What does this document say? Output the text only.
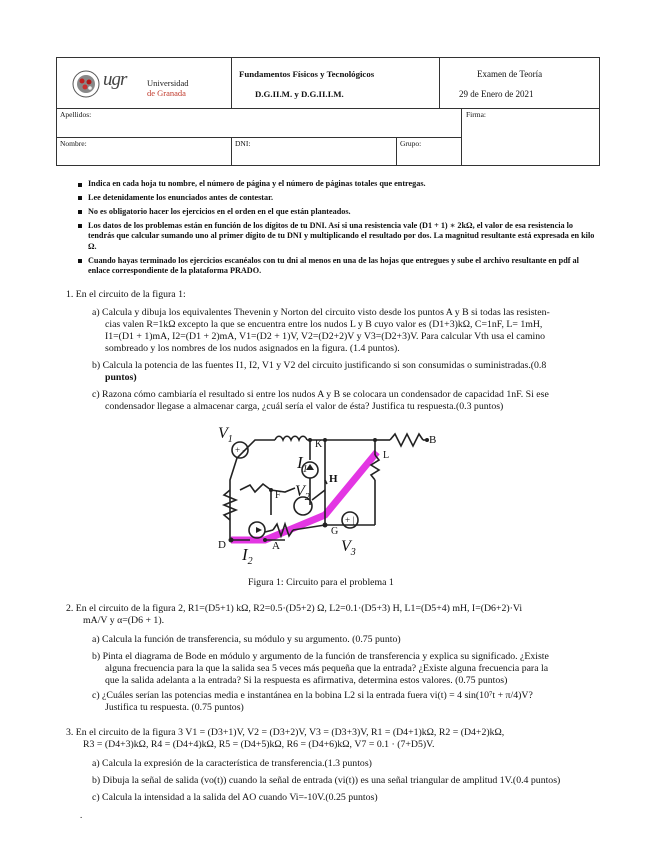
ugr Universidad
de Granada
Fundamentos Físicos y Tecnológicos
D.G.II.M. y D.G.II.I.M.
Examen de Teoría
29 de Enero de 2021
Apellidos:	Firma:
Nombre:	DNI:	Grupo:
Indica en cada hoja tu nombre, el número de página y el número de páginas totales que entregas.
Lee detenidamente los enunciados antes de contestar.
No es obligatorio hacer los ejercicios en el orden en el que están planteados.
Los datos de los problemas están en función de los dígitos de tu DNI. Así si una resistencia vale (D1 + 1) ∗ 2kΩ, el valor de esa resistencia lo tendrás que calcular sumando uno al primer dígito de tu DNI y multiplicando el resultado por dos. La magnitud resultante está expresada en kilo Ω.
Cuando hayas terminado los ejercicios escanéalos con tu dni al menos en una de las hojas que entregues y sube el archivo resultante en pdf al enlace correspondiente de la plataforma PRADO.
1. En el circuito de la figura 1:
a) Calcula y dibuja los equivalentes Thevenin y Norton del circuito visto desde los puntos A y B si todas las resisten-
cias valen R=1kΩ excepto la que se encuentra entre los nudos L y B cuyo valor es (D1+3)kΩ, C=1nF, L= 1mH,
I1=(D1 + 1)mA, I2=(D1 + 2)mA, V1=(D2 + 1)V, V2=(D2+2)V y V3=(D2+3)V. Para calcular Vth usa el camino
sombreado y los nombres de los nudos asignados en la figura. (1.4 puntos).
b) Calcula la potencia de las fuentes I1, I2, V1 y V2 del circuito justificando si son consumidas o suministradas.(0.8
puntos)
c) Razona cómo cambiaría el resultado si entre los nudos A y B se colocara un condensador de capacidad 1nF. Si ese
condensador llegase a almacenar carga, ¿cuál sería el valor de ésta? Justifica tu respuesta.(0.3 puntos)
$V_1$	K	B
$I_1$
L
H
F $V_2$
G
$V_3$
D	A
$I_2$
+ |
+ -
Figura 1: Circuito para el problema 1
2. En el circuito de la figura 2, R1=(D5+1) kΩ, R2=0.5·(D5+2) Ω, L2=0.1·(D5+3) H, L1=(D5+4) mH, I=(D6+2)·Vi
mA/V y α=(D6 + 1).
a) Calcula la función de transferencia, su módulo y su argumento. (0.75 punto)
b) Pinta el diagrama de Bode en módulo y argumento de la función de transferencia y explica su significado. ¿Existe
alguna frecuencia para la que la salida sea 5 veces más pequeña que la entrada? ¿Existe alguna frecuencia para la
que la salida adelanta a la entrada? Si la respuesta es afirmativa, determina estos valores. (0.75 puntos)
c) ¿Cuáles serían las potencias media e instantánea en la bobina L2 si la entrada fuera vi(t) = 4 sin(10⁷t + π/4)V?
Justifica tu respuesta. (0.75 puntos)
3. En el circuito de la figura 3 V1 = (D3+1)V, V2 = (D3+2)V, V3 = (D3+3)V, R1 = (D4+1)kΩ, R2 = (D4+2)kΩ,
R3 = (D4+3)kΩ, R4 = (D4+4)kΩ, R5 = (D4+5)kΩ, R6 = (D4+6)kΩ, V7 = 0.1 · (7+D5)V.
a) Calcula la expresión de la característica de transferencia.(1.3 puntos)
b) Dibuja la señal de salida (vo(t)) cuando la señal de entrada (vi(t)) es una señal triangular de amplitud 1V.(0.4 puntos)
c) Calcula la intensidad a la salida del AO cuando Vi=-10V.(0.25 puntos)
.
